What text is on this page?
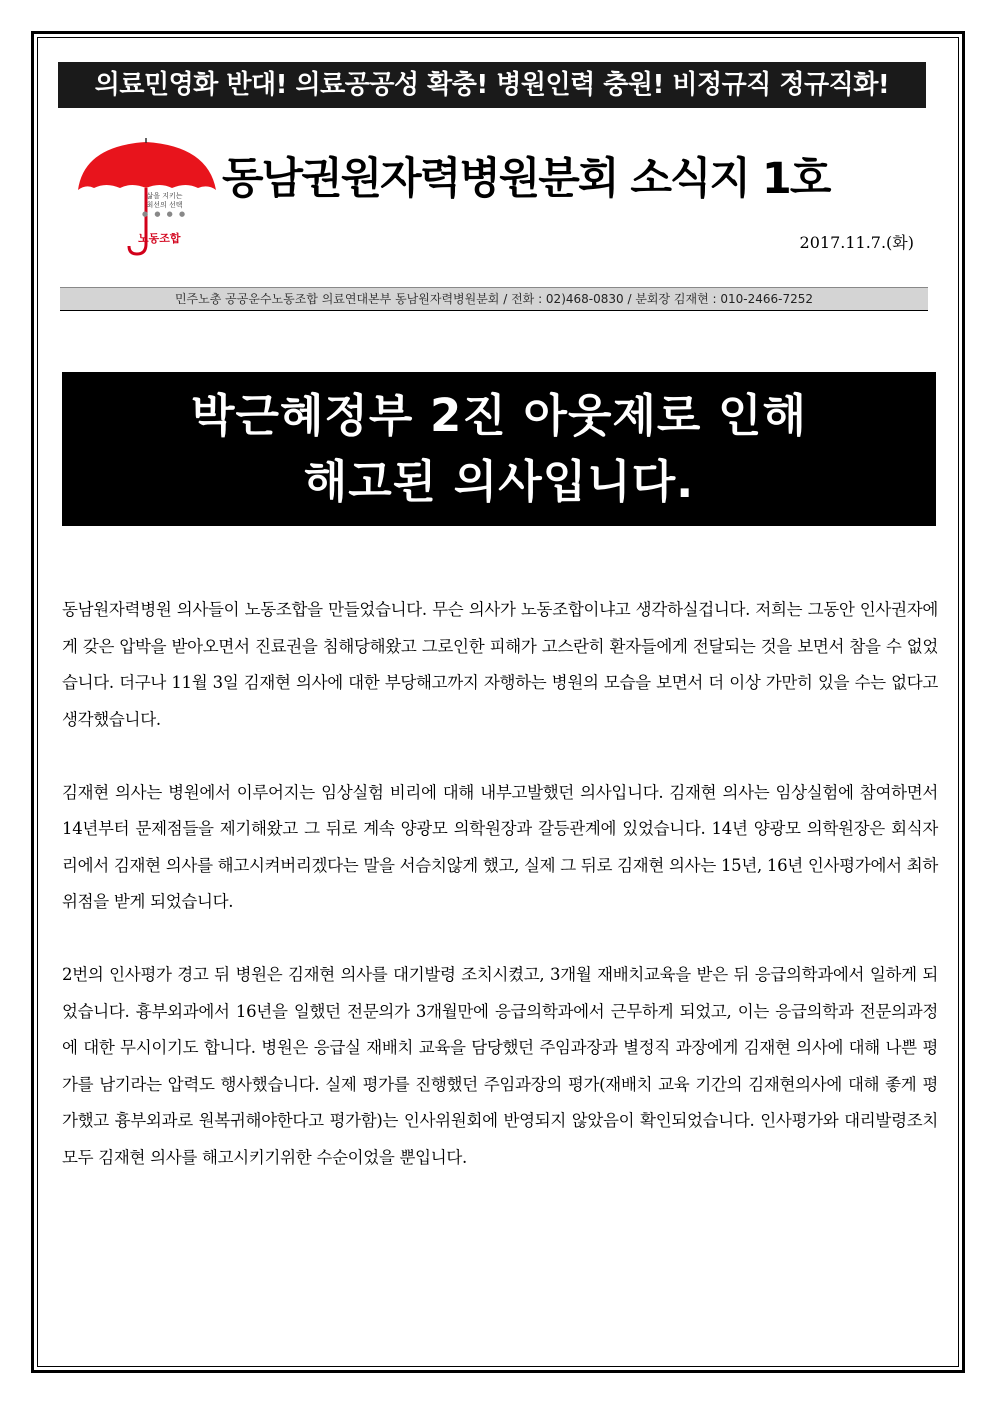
의료민영화 반대! 의료공공성 확충! 병원인력 충원! 비정규직 정규직화!
삶을 지키는
최선의 선택
● ● ● ●
노동조합
동남권원자력병원분회 소식지 1호
2017.11.7.(화)
민주노총 공공운수노동조합 의료연대본부 동남원자력병원분회 / 전화 : 02)468-0830 / 분회장 김재현 : 010-2466-7252
박근혜정부 2진 아웃제로 인해
해고된 의사입니다.

동남원자력병원 의사들이 노동조합을 만들었습니다. 무슨 의사가 노동조합이냐고 생각하실겁니다. 저희는 그동안 인사권자에게 갖은 압박을 받아오면서 진료권을 침해당해왔고 그로인한 피해가 고스란히 환자들에게 전달되는 것을 보면서 참을 수 없었습니다. 더구나 11월 3일 김재현 의사에 대한 부당해고까지 자행하는 병원의 모습을 보면서 더 이상 가만히 있을 수는 없다고 생각했습니다.

김재현 의사는 병원에서 이루어지는 임상실험 비리에 대해 내부고발했던 의사입니다. 김재현 의사는 임상실험에 참여하면서 14년부터 문제점들을 제기해왔고 그 뒤로 계속 양광모 의학원장과 갈등관계에 있었습니다. 14년 양광모 의학원장은 회식자리에서 김재현 의사를 해고시켜버리겠다는 말을 서슴치않게 했고, 실제 그 뒤로 김재현 의사는 15년, 16년 인사평가에서 최하위점을 받게 되었습니다.

2번의 인사평가 경고 뒤 병원은 김재현 의사를 대기발령 조치시켰고, 3개월 재배치교육을 받은 뒤 응급의학과에서 일하게 되었습니다. 흉부외과에서 16년을 일했던 전문의가 3개월만에 응급의학과에서 근무하게 되었고, 이는 응급의학과 전문의과정에 대한 무시이기도 합니다. 병원은 응급실 재배치 교육을 담당했던 주임과장과 별정직 과장에게 김재현 의사에 대해 나쁜 평가를 남기라는 압력도 행사했습니다. 실제 평가를 진행했던 주임과장의 평가(재배치 교육 기간의 김재현의사에 대해 좋게 평가했고 흉부외과로 원복귀해야한다고 평가함)는 인사위원회에 반영되지 않았음이 확인되었습니다. 인사평가와 대리발령조치 모두 김재현 의사를 해고시키기위한 수순이었을 뿐입니다.
